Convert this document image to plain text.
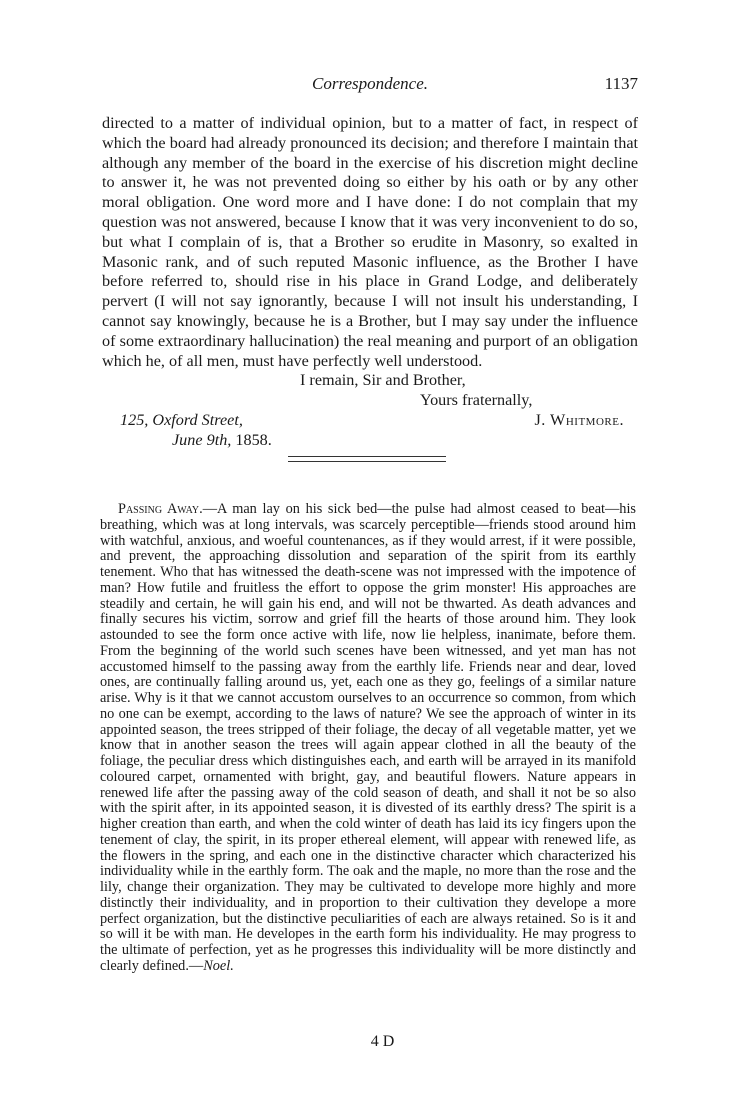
Correspondence.	1137

directed to a matter of individual opinion, but to a matter of fact, in respect of which the board had already pronounced its decision; and therefore I maintain that although any member of the board in the exercise of his discretion might decline to answer it, he was not prevented doing so either by his oath or by any other moral obligation. One word more and I have done: I do not complain that my question was not answered, because I know that it was very inconvenient to do so, but what I complain of is, that a Brother so erudite in Masonry, so exalted in Masonic rank, and of such reputed Masonic influence, as the Brother I have before referred to, should rise in his place in Grand Lodge, and deliberately pervert (I will not say ignorantly, because I will not insult his understanding, I cannot say knowingly, because he is a Brother, but I may say under the influence of some extraordinary hallucination) the real meaning and purport of an obligation which he, of all men, must have perfectly well understood.

I remain, Sir and Brother,

Yours fraternally,

125, Oxford Street,	J. Whitmore.

June 9th, 1858.

Passing Away.—A man lay on his sick bed—the pulse had almost ceased to beat—his breathing, which was at long intervals, was scarcely perceptible—friends stood around him with watchful, anxious, and woeful countenances, as if they would arrest, if it were possible, and prevent, the approaching dissolution and separation of the spirit from its earthly tenement. Who that has witnessed the death-scene was not impressed with the impotence of man? How futile and fruitless the effort to oppose the grim monster! His approaches are steadily and certain, he will gain his end, and will not be thwarted. As death advances and finally secures his victim, sorrow and grief fill the hearts of those around him. They look astounded to see the form once active with life, now lie helpless, inanimate, before them. From the beginning of the world such scenes have been witnessed, and yet man has not accustomed himself to the passing away from the earthly life. Friends near and dear, loved ones, are continually falling around us, yet, each one as they go, feelings of a similar nature arise. Why is it that we cannot accustom ourselves to an occurrence so common, from which no one can be exempt, according to the laws of nature? We see the approach of winter in its appointed season, the trees stripped of their foliage, the decay of all vegetable matter, yet we know that in another season the trees will again appear clothed in all the beauty of the foliage, the peculiar dress which distinguishes each, and earth will be arrayed in its manifold coloured carpet, ornamented with bright, gay, and beautiful flowers. Nature appears in renewed life after the passing away of the cold season of death, and shall it not be so also with the spirit after, in its appointed season, it is divested of its earthly dress? The spirit is a higher creation than earth, and when the cold winter of death has laid its icy fingers upon the tenement of clay, the spirit, in its proper ethereal element, will appear with renewed life, as the flowers in the spring, and each one in the distinctive character which characterized his individuality while in the earthly form. The oak and the maple, no more than the rose and the lily, change their organization. They may be cultivated to develope more highly and more distinctly their individuality, and in proportion to their cultivation they develope a more perfect organization, but the distinctive peculiarities of each are always retained. So is it and so will it be with man. He developes in the earth form his individuality. He may progress to the ultimate of perfection, yet as he progresses this individuality will be more distinctly and clearly defined.—Noel.

4 D
